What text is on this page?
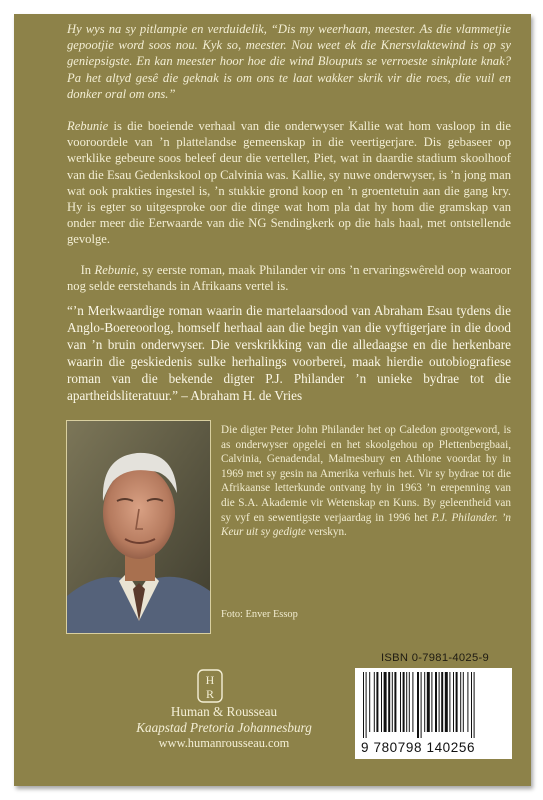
Hy wys na sy pitlampie en verduidelik, “Dis my weerhaan, meester. As die vlammetjie gepootjie word soos nou. Kyk so, meester. Nou weet ek die Knersvlaktewind is op sy geniepsigste. En kan meester hoor hoe die wind Blouputs se verroeste sinkplate knak? Pa het altyd gesê die geknak is om ons te laat wakker skrik vir die roes, die vuil en donker oral om ons.”

Rebunie is die boeiende verhaal van die onderwyser Kallie wat hom vasloop in die vooroordele van ’n plattelandse gemeenskap in die veertigerjare. Dis gebaseer op werklike gebeure soos beleef deur die verteller, Piet, wat in daardie stadium skoolhoof van die Esau Gedenkskool op Calvinia was. Kallie, sy nuwe onderwyser, is ’n jong man wat ook prakties ingestel is, ’n stukkie grond koop en ’n groentetuin aan die gang kry. Hy is egter so uitgesproke oor die dinge wat hom pla dat hy hom die gramskap van onder meer die Eerwaarde van die NG Sendingkerk op die hals haal, met ontstellende gevolge.

In Rebunie, sy eerste roman, maak Philander vir ons ’n ervaringswêreld oop waaroor nog selde eerstehands in Afrikaans vertel is.

“’n Merkwaardige roman waarin die martelaarsdood van Abraham Esau tydens die Anglo-Boereoorlog, homself herhaal aan die begin van die vyftigerjare in die dood van ’n bruin onderwyser. Die verskrikking van die alledaagse en die herkenbare waarin die geskiedenis sulke herhalings voorberei, maak hierdie outobiografiese roman van die bekende digter P.J. Philander ’n unieke bydrae tot die apartheidsliteratuur.” – Abraham H. de Vries

Die digter Peter John Philander het op Caledon grootgeword, is as onderwyser opgelei en het skoolgehou op Plettenbergbaai, Calvinia, Genadendal, Malmesbury en Athlone voordat hy in 1969 met sy gesin na Amerika verhuis het. Vir sy bydrae tot die Afrikaanse letterkunde ontvang hy in 1963 ’n erepenning van die S.A. Akademie vir Wetenskap en Kuns. By geleentheid van sy vyf en sewentigste verjaardag in 1996 het P.J. Philander. ’n Keur uit sy gedigte verskyn.

Foto: Enver Essop
H
R
Human & Rousseau
Kaapstad Pretoria Johannesburg
www.humanrousseau.com
ISBN 0-7981-4025-9
9 780798 140256
